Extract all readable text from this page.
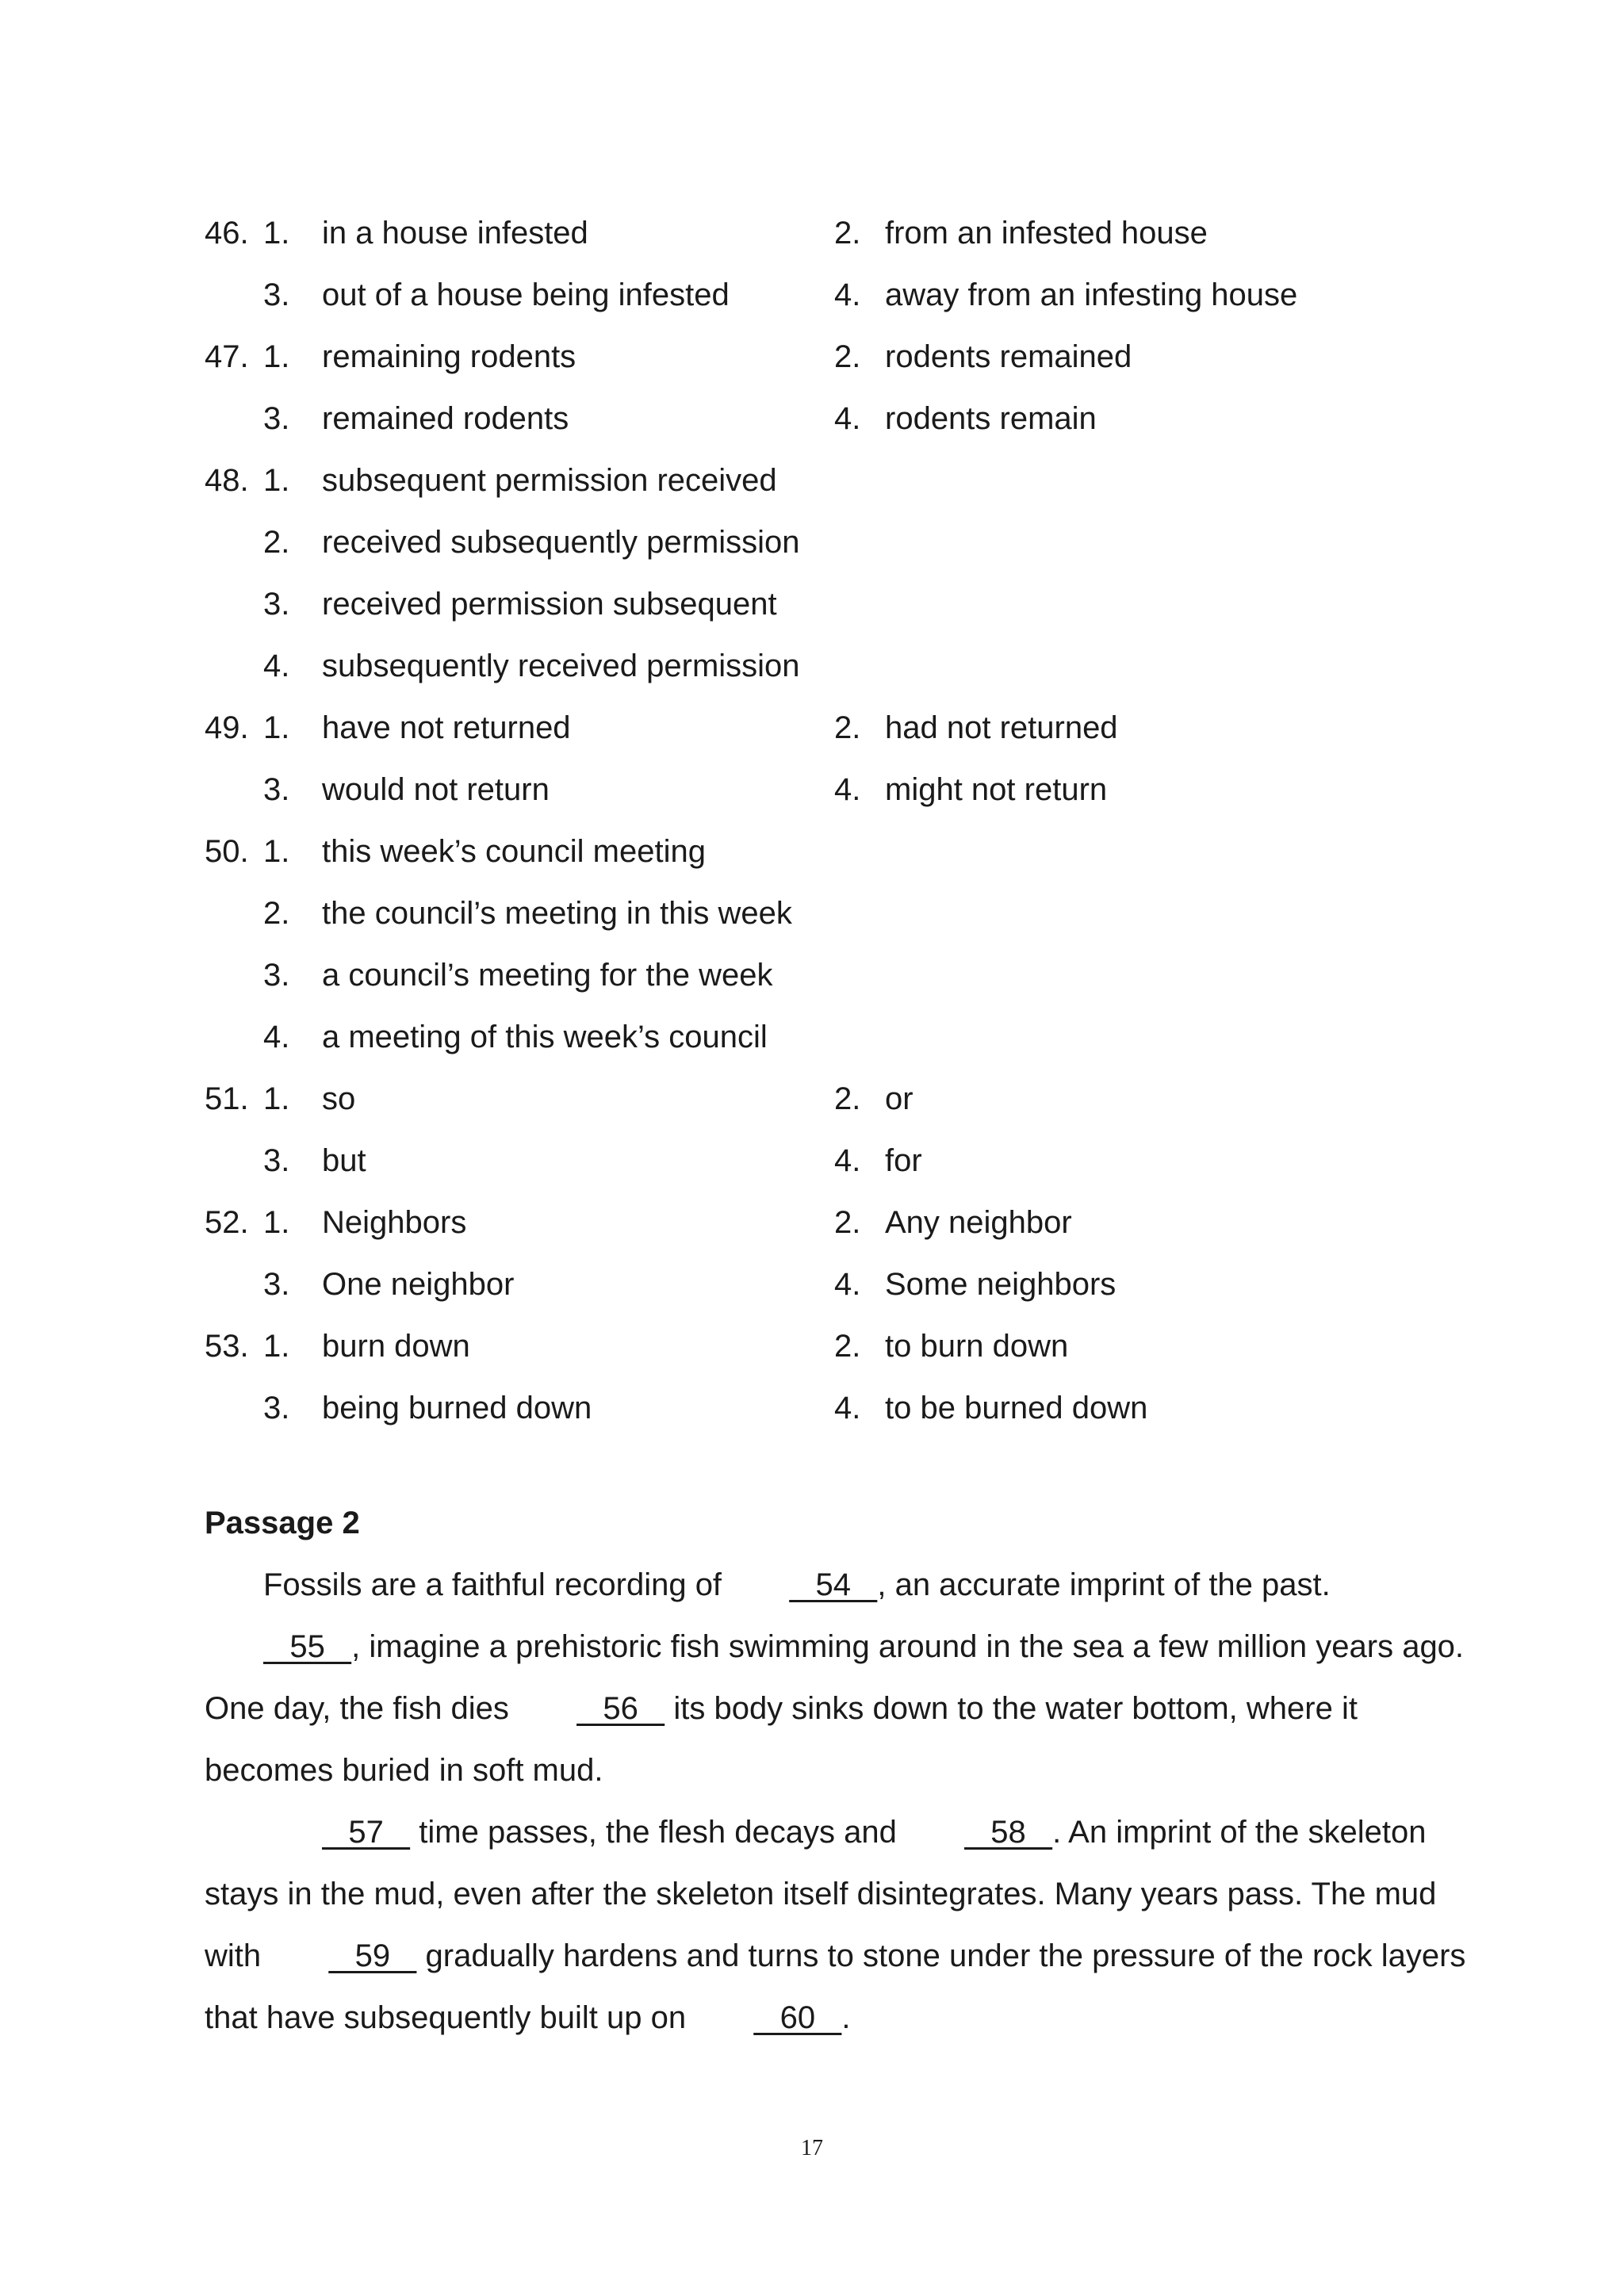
46. 1. in a house infested	2. from an infested house
3. out of a house being infested	4. away from an infesting house
47. 1. remaining rodents	2. rodents remained
3. remained rodents	4. rodents remain
48. 1. subsequent permission received
2. received subsequently permission
3. received permission subsequent
4. subsequently received permission
49. 1. have not returned	2. had not returned
3. would not return	4. might not return
50. 1. this week’s council meeting
2. the council’s meeting in this week
3. a council’s meeting for the week
4. a meeting of this week’s council
51. 1. so	2. or
3. but	4. for
52. 1. Neighbors	2. Any neighbor
3. One neighbor	4. Some neighbors
53. 1. burn down	2. to burn down
3. being burned down	4. to be burned down
Passage 2

Fossils are a faithful recording of    54   , an accurate imprint of the past.    55   , imagine a prehistoric fish swimming around in the sea a few million years ago. One day, the fish dies    56    its body sinks down to the water bottom, where it becomes buried in soft mud.

57    time passes, the flesh decays and    58   . An imprint of the skeleton stays in the mud, even after the skeleton itself disintegrates. Many years pass. The mud with    59    gradually hardens and turns to stone under the pressure of the rock layers that have subsequently built up on    60   .

17
